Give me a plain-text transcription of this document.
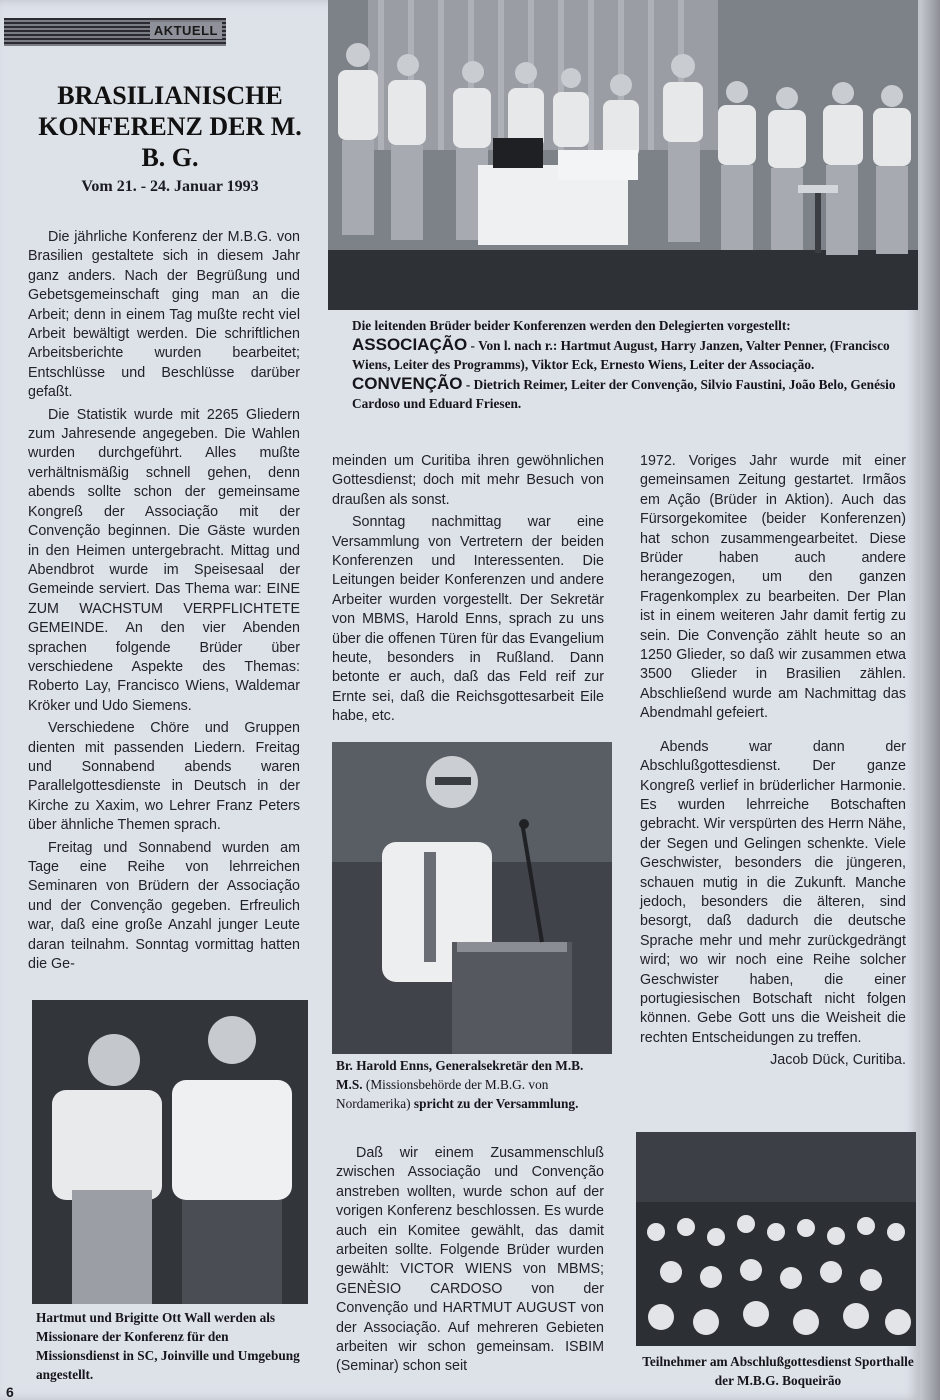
AKTUELL
BRASILIANISCHE KONFERENZ DER M. B. G.
Vom 21. - 24. Januar 1993

Die jährliche Konferenz der M.B.G. von Brasilien gestaltete sich in diesem Jahr ganz anders. Nach der Begrüßung und Gebetsgemeinschaft ging man an die Arbeit; denn in einem Tag mußte recht viel Arbeit bewältigt werden. Die schriftlichen Arbeitsberichte wurden bearbeitet; Entschlüsse und Beschlüsse darüber gefaßt.

Die Statistik wurde mit 2265 Gliedern zum Jahresende angegeben. Die Wahlen wurden durchgeführt. Alles mußte verhältnismäßig schnell gehen, denn abends sollte schon der gemeinsame Kongreß der Associação mit der Convenção beginnen. Die Gäste wurden in den Heimen untergebracht. Mittag und Abendbrot wurde im Speisesaal der Gemeinde serviert. Das Thema war: EINE ZUM WACHSTUM VERPFLICHTETE GEMEINDE. An den vier Abenden sprachen folgende Brüder über verschiedene Aspekte des Themas: Roberto Lay, Francisco Wiens, Waldemar Kröker und Udo Siemens.

Verschiedene Chöre und Gruppen dienten mit passenden Liedern. Freitag und Sonnabend abends waren Parallelgottesdienste in Deutsch in der Kirche zu Xaxim, wo Lehrer Franz Peters über ähnliche Themen sprach.

Freitag und Sonnabend wurden am Tage eine Reihe von lehrreichen Seminaren von Brüdern der Associação und der Convenção gegeben. Erfreulich war, daß eine große Anzahl junger Leute daran teilnahm. Sonntag vormittag hatten die Ge-

Die leitenden Brüder beider Konferenzen werden den Delegierten vorgestellt:
ASSOCIAÇÃO - Von l. nach r.: Hartmut August, Harry Janzen, Valter Penner, (Francisco Wiens, Leiter des Programms), Viktor Eck, Ernesto Wiens, Leiter der Associação. CONVENÇÃO - Dietrich Reimer, Leiter der Convenção, Silvio Faustini, João Belo, Genésio Cardoso und Eduard Friesen.

meinden um Curitiba ihren gewöhnlichen Gottesdienst; doch mit mehr Besuch von draußen als sonst.

Sonntag nachmittag war eine Versammlung von Vertretern der beiden Konferenzen und Interessenten. Die Leitungen beider Konferenzen und andere Arbeiter wurden vorgestellt. Der Sekretär von MBMS, Harold Enns, sprach zu uns über die offenen Türen für das Evangelium heute, besonders in Rußland. Dann betonte er auch, daß das Feld reif zur Ernte sei, daß die Reichsgottesarbeit Eile habe, etc.

Br. Harold Enns, Generalsekretär den M.B. M.S. (Missionsbehörde der M.B.G. von Nordamerika) spricht zu der Versammlung.

Daß wir einem Zusammenschluß zwischen Associação und Convenção anstreben wollten, wurde schon auf der vorigen Konferenz beschlossen. Es wurde auch ein Komitee gewählt, das damit arbeiten sollte. Folgende Brüder wurden gewählt: VICTOR WIENS von MBMS; GENÈSIO CARDOSO von der Convenção und HARTMUT AUGUST von der Associação. Auf mehreren Gebieten arbeiten wir schon gemeinsam. ISBIM (Seminar) schon seit

1972. Voriges Jahr wurde mit einer gemeinsamen Zeitung gestartet. Irmãos em Ação (Brüder in Aktion). Auch das Fürsorgekomitee (beider Konferenzen) hat schon zusammengearbeitet. Diese Brüder haben auch andere herangezogen, um den ganzen Fragenkomplex zu bearbeiten. Der Plan ist in einem weiteren Jahr damit fertig zu sein. Die Convenção zählt heute so an 1250 Glieder, so daß wir zusammen etwa 3500 Glieder in Brasilien zählen. Abschließend wurde am Nachmittag das Abendmahl gefeiert.

Abends war dann der Abschlußgottesdienst. Der ganze Kongreß verlief in brüderlicher Harmonie. Es wurden lehrreiche Botschaften gebracht. Wir verspürten des Herrn Nähe, der Segen und Gelingen schenkte. Viele Geschwister, besonders die jüngeren, schauen mutig in die Zukunft. Manche jedoch, besonders die älteren, sind besorgt, daß dadurch die deutsche Sprache mehr und mehr zurückgedrängt wird; wo wir noch eine Reihe solcher Geschwister haben, die einer portugiesischen Botschaft nicht folgen können. Gebe Gott uns die Weisheit die rechten Entscheidungen zu treffen.

Jacob Dück, Curitiba.

Hartmut und Brigitte Ott Wall werden als Missionare der Konferenz für den Missionsdienst in SC, Joinville und Umgebung angestellt.
Teilnehmer am Abschlußgottesdienst Sporthalle der M.B.G. Boqueirão
6
